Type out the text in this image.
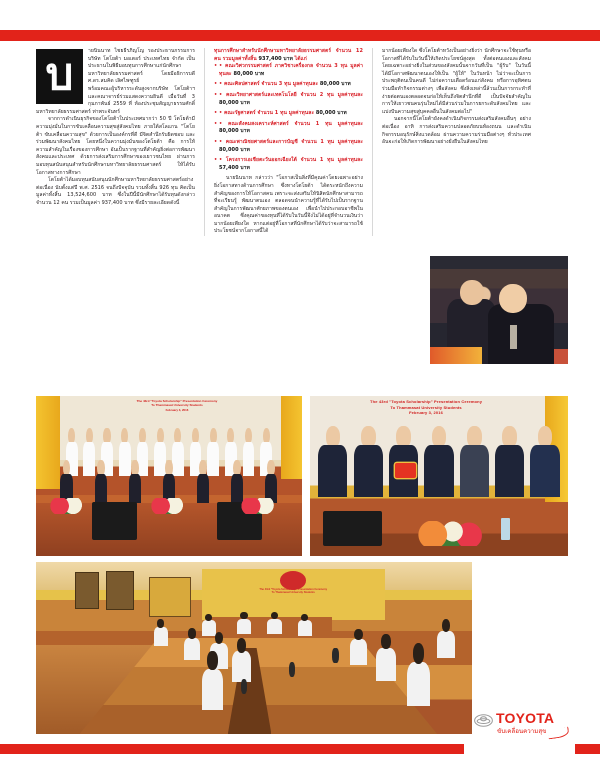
บ	ายนินนาท ไชยธีรภิญโญ รองประธานกรรมการ บริษัท โตโยต้า มอเตอร์ ประเทศไทย จำกัด เป็นประธานในพิธีมอบทุนการศึกษาแก่นักศึกษามหาวิทยาลัยธรรมศาสตร์ โดยมีอธิการบดี ศ.ดร.สมคิด เลิศไพฑูรย์

พร้อมคณะผู้บริหารระดับสูงจากบริษัท โตโยต้าฯ และคณาจารย์ร่วมแสดงความยินดี เมื่อวันที่ 3 กุมภาพันธ์ 2559 ที่ ห้องประชุมสัญญาธรรมศักดิ์ มหาวิทยาลัยธรรมศาสตร์ ท่าพระจันทร์

จากการดำเนินธุรกิจของโตโยต้าในประเทศมากว่า 50 ปี โตโยต้ามีความมุ่งมั่นในการขับเคลื่อนความสุขสู่สังคมไทย ภายใต้สโลแกน "โตโยต้า ขับเคลื่อนความสุข" ด้วยการเป็นองค์กรที่ดี มีจิตสำนึกรับผิดชอบ และร่วมพัฒนาสังคมไทย โดยหนึ่งในความมุ่งมั่นของโตโยต้า คือ การให้ความสำคัญในเรื่องของการศึกษา อันเป็นรากฐานที่สำคัญยิ่งต่อการพัฒนาสังคมและประเทศ ด้วยการส่งเสริมการศึกษาของเยาวชนไทย ผ่านการมอบทุนสนับสนุนสำหรับนักศึกษามหาวิทยาลัยธรรมศาสตร์ ให้ได้รับโอกาสทางการศึกษา

โตโยต้าได้มอบทุนสนับสนุนนักศึกษามหาวิทยาลัยธรรมศาสตร์อย่างต่อเนื่อง นับตั้งแต่ปี พ.ศ. 2516 จนถึงปัจจุบัน รวมทั้งสิ้น 926 ทุน คิดเป็นมูลค่าทั้งสิ้น 13,524,600 บาท ซึ่งในปีนี้มีนักศึกษาได้รับทุนดังกล่าว จำนวน 12 คน รวมเป็นมูลค่า 937,400 บาท ซึ่งมีรายละเอียดดังนี้

ทุนการศึกษาสำหรับนักศึกษามหาวิทยาลัยธรรมศาสตร์ จำนวน 12 คน รวมมูลค่าทั้งสิ้น 937,400 บาท ได้แก่

• • คณะวิศวกรรมศาสตร์ ภาควิชาเครื่องกล จำนวน 3 ทุน มูลค่าทุนละ 80,000 บาท
• • คณะศิลปศาสตร์ จำนวน 3 ทุน มูลค่าทุนละ 80,000 บาท
• • คณะวิทยาศาสตร์และเทคโนโลยี จำนวน 2 ทุน มูลค่าทุนละ 80,000 บาท
• • คณะรัฐศาสตร์ จำนวน 1 ทุน มูลค่าทุนละ 80,000 บาท
• • คณะสังคมสงเคราะห์ศาสตร์ จำนวน 1 ทุน มูลค่าทุนละ 80,000 บาท
• • คณะพาณิชยศาสตร์และการบัญชี จำนวน 1 ทุน มูลค่าทุนละ 80,000 บาท
• • โครงการเอเชียตะวันออกเฉียงใต้ จำนวน 1 ทุน มูลค่าทุนละ 57,400 บาท

นายนินนาท กล่าวว่า "โอกาสเป็นสิ่งที่มีคุณค่าโดยเฉพาะอย่างยิ่งโอกาสทางด้านการศึกษา ซึ่งทางโตโยต้า ได้ตระหนักถึงความสำคัญของการให้โอกาสคน เพราะจะส่งเสริมให้นิสิตนักศึกษาสามารถที่จะเรียนรู้ พัฒนาตนเอง ตลอดจนนำความรู้ที่ได้รับไปเป็นรากฐานสำคัญในการพัฒนาศักยภาพของตนเอง เพื่อนำไปประกอบอาชีพในอนาคต ซึ่งคุณค่าของทุนที่ได้รับในวันนี้จึงไม่ได้อยู่ที่จำนวนเงินว่ามากน้อยเพียงใด หากแต่อยู่ที่โอกาสที่นักศึกษาได้รับว่าจะสามารถใช้ประโยชน์จากโอกาสนี้ได้

มากน้อยเพียงใด ซึ่งโตโยต้าหวังเป็นอย่างยิ่งว่า นักศึกษาจะใช้ทุนหรือโอกาสที่ได้รับในวันนี้ให้เกิดประโยชน์สูงสุด ทั้งต่อตนเองและสังคม โดยเฉพาะอย่างยิ่งในส่วนของสังคมนั้นจากวันที่เป็น "ผู้รับ" ในวันนี้ ได้มีโอกาสพัฒนาตนเองให้เป็น "ผู้ให้" ในวันหน้า ไม่ว่าจะเป็นการประพฤติตนเป็นคนดี ไม่ก่อความเดือดร้อนแก่สังคม หรือการอุทิศตนร่วมมือทำกิจกรรมต่างๆ เพื่อสังคม ซึ่งสิ่งเหล่านี้ล้วนเป็นการกระทำที่ง่ายต่อตนเองตลอดจนก่อให้เห็นถึงจิตสำนึกที่ดี เป็นปัจจัยสำคัญในการให้เยาวชนคนรุ่นใหม่ได้มีส่วนร่วมในการยกระดับสังคมไทย และแบ่งปันความสุขสู่บุคคลอื่นในสังคมต่อไป"

นอกจากนี้โตโยต้ายังคงดำเนินกิจกรรมส่งเสริมสังคมอื่นๆ อย่างต่อเนื่อง อาทิ การส่งเสริมความปลอดภัยบนท้องถนน และดำเนินกิจกรรมอนุรักษ์สิ่งแวดล้อม ผ่านความความร่วมมือต่างๆ ทั่วประเทศ อันจะก่อให้เกิดการพัฒนาอย่างยั่งยืนในสังคมไทย

The 43rd "Toyota Scholarship" Presentation Ceremony
To Thammasat University Students
February 3, 2016
The 43rd "Toyota Scholarship" Presentation Ceremony
To Thammasat University Students
February 3, 2016
The 43rd "Toyota Scholarship" Presentation Ceremony
To Thammasat University Students
TOYOTA
ขับเคลื่อนความสุข
